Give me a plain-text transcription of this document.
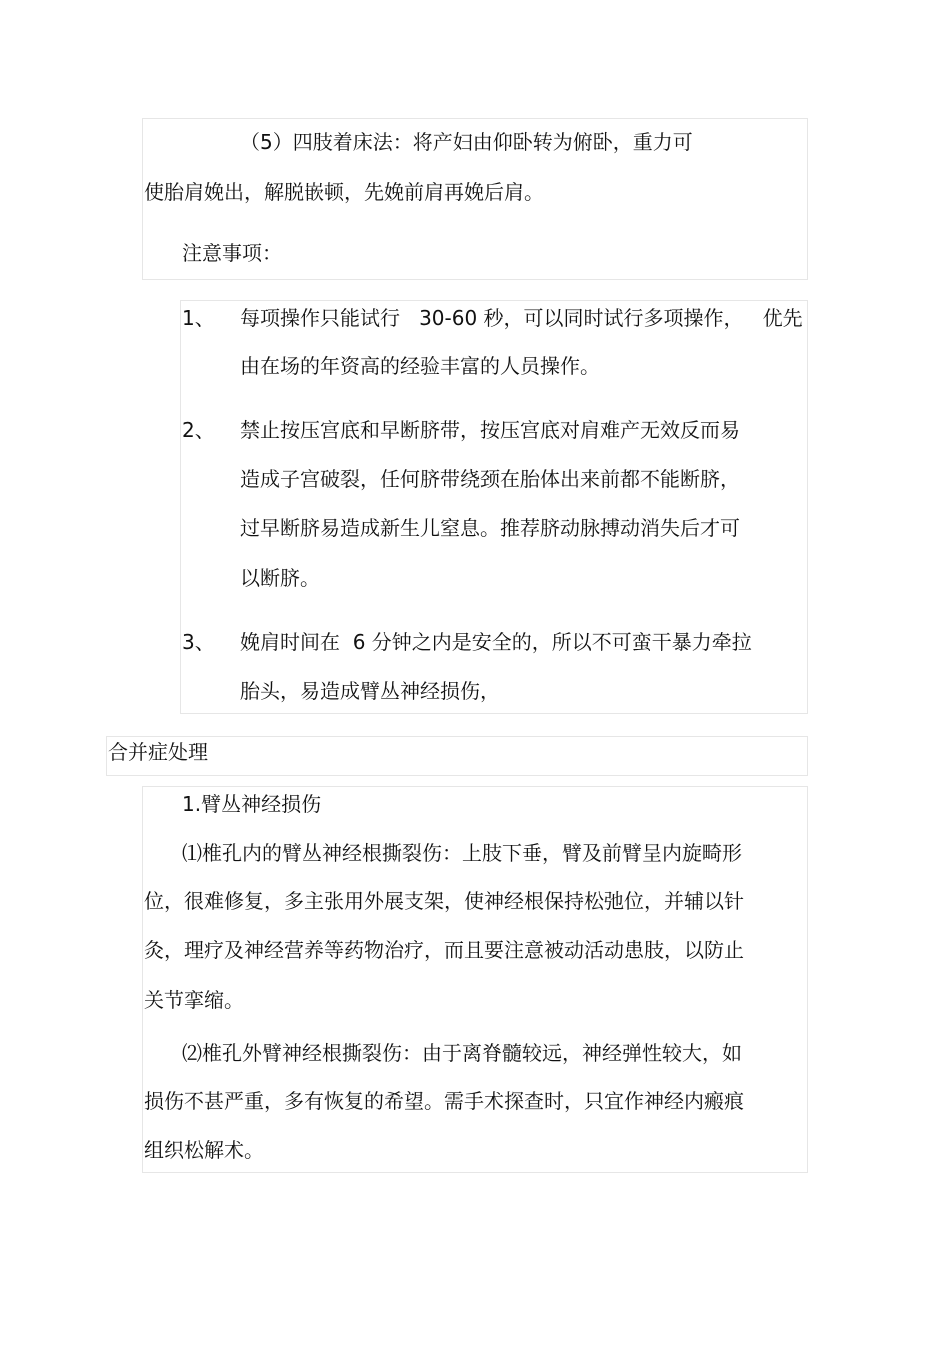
（5）四肢着床法：将产妇由仰卧转为俯卧，重力可
使胎肩娩出，解脱嵌顿，先娩前肩再娩后肩。
注意事项：
1、 每项操作只能试行   30-60 秒，可以同时试行多项操作，   优先
由在场的年资高的经验丰富的人员操作。
2、 禁止按压宫底和早断脐带，按压宫底对肩难产无效反而易
造成子宫破裂，任何脐带绕颈在胎体出来前都不能断脐，
过早断脐易造成新生儿窒息。推荐脐动脉搏动消失后才可
以断脐。
3、 娩肩时间在  6 分钟之内是安全的，所以不可蛮干暴力牵拉
胎头，易造成臂丛神经损伤，
合并症处理
1.臂丛神经损伤
⑴椎孔内的臂丛神经根撕裂伤：上肢下垂，臂及前臂呈内旋畸形
位，很难修复，多主张用外展支架，使神经根保持松弛位，并辅以针
灸，理疗及神经营养等药物治疗，而且要注意被动活动患肢，以防止
关节挛缩。
⑵椎孔外臂神经根撕裂伤：由于离脊髓较远，神经弹性较大，如
损伤不甚严重，多有恢复的希望。需手术探查时，只宜作神经内瘢痕
组织松解术。
